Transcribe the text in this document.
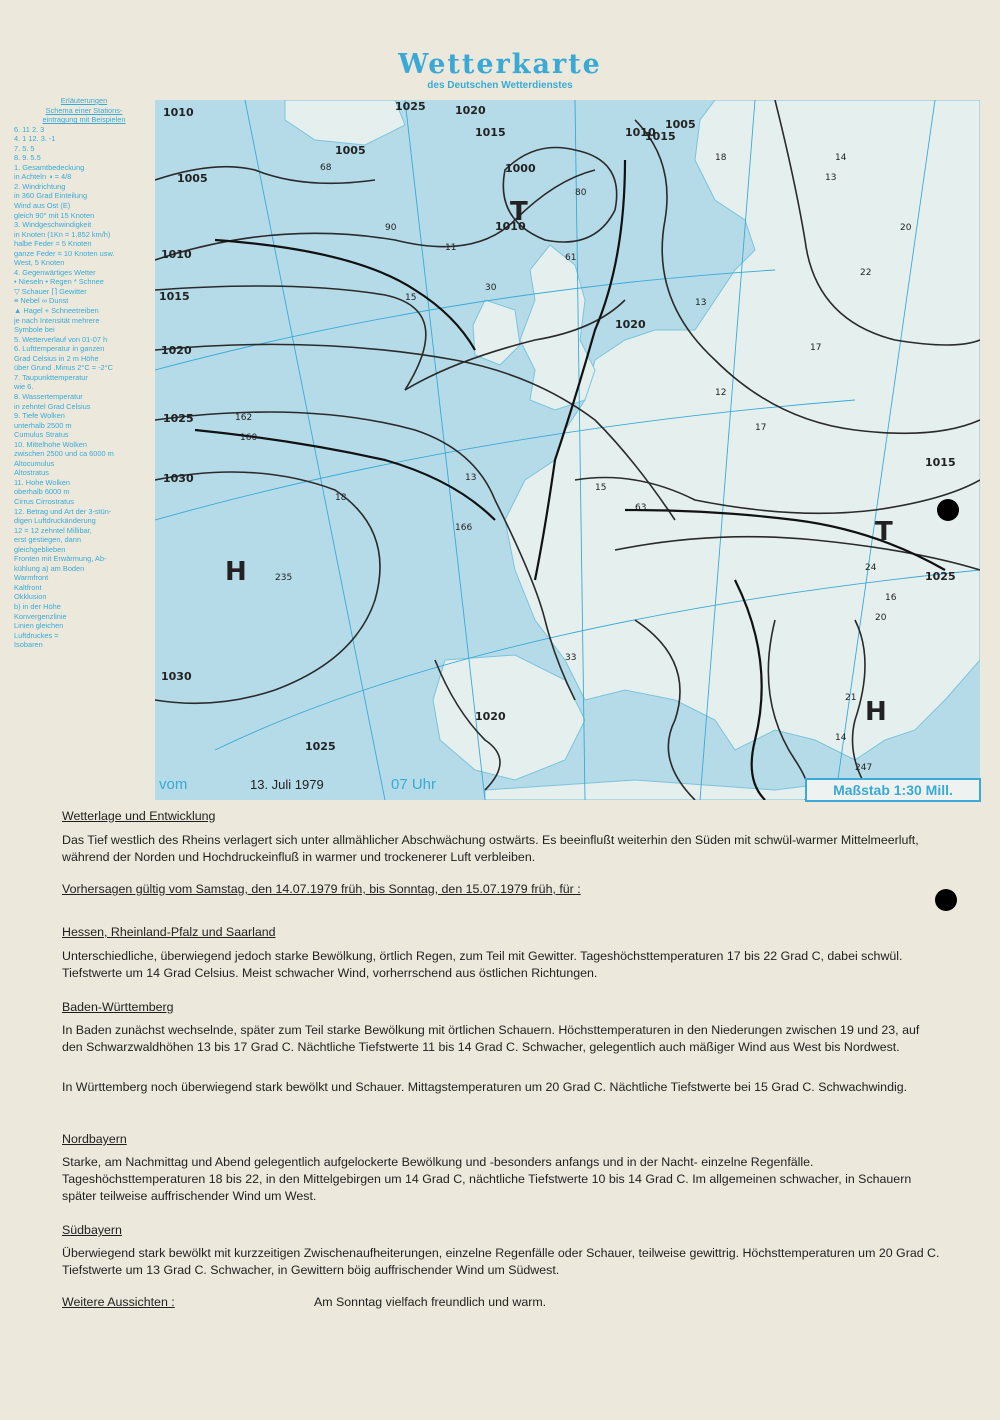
Wetterkarte
des Deutschen Wetterdienstes
Erläuterungen
Schema einer Stations-
eintragung mit Beispielen
6. 11 2. 3
4. 1 12. 3. -1
7. 5. 5
8. 9. 5.5
1. Gesamtbedeckung
in Achteln ◑ = 4/8
2. Windrichtung
in 360 Grad Einteilung
Wind aus Ost (E)
gleich 90° mit 15 Knoten
3. Windgeschwindigkeit
in Knoten (1Kn = 1.852 km/h)
halbe Feder = 5 Knoten
ganze Feder = 10 Knoten usw.
West, 5 Knoten
4. Gegenwärtiges Wetter
• Nieseln • Regen * Schnee
▽ Schauer ⌈⌉ Gewitter
≡ Nebel ∞ Dunst
▲ Hagel + Schneetreiben
je nach Intensität mehrere
Symbole bei
5. Wetterverlauf von 01-07 h
6. Lufttemperatur in ganzen
Grad Celsius in 2 m Höhe
über Grund .Minus 2°C = -2°C
7. Taupunkttemperatur
wie 6.
8. Wassertemperatur
in zehntel Grad Celsius
9. Tiefe Wolken
unterhalb 2500 m
Cumulus Stratus
10. Mittelhohe Wolken
zwischen 2500 und ca 6000 m
Altocumulus
Altostratus
11. Hohe Wolken
oberhalb 6000 m
Cirrus Cirrostratus
12. Betrag und Art der 3-stün-
digen Luftdruckänderung
12 = 12 zehntel Millibar,
erst gestiegen, dann
gleichgeblieben
Fronten mit Erwärmung, Ab-
kühlung a) am Boden
Warmfront
Kaltfront
Okklusion
b) in der Höhe
Konvergenzlinie
Linien gleichen
Luftdruckes =
Isobaren
1010
1005
1010
1015
1020
1025
1030
1030
1025	1020
1015
1010
1005
1000
1005
1010
1015
1020
1015
1025
1020
1025
T
T
H
H
68
90
80
61
11
30
15	13
12
17
13
14
22
18
63
235
160
162
166
18
13
15
20
16
21
14
24
247
33
17
20
vom	13. Juli 1979	07 Uhr	Maßstab 1:30 Mill.
Wetterlage und Entwicklung
Das Tief westlich des Rheins verlagert sich unter allmählicher Abschwächung ostwärts. Es beeinflußt weiterhin den Süden mit schwül-warmer Mittelmeerluft, während der Norden und Hochdruckeinfluß in warmer und trockenerer Luft verbleiben.
Vorhersagen gültig vom Samstag, den 14.07.1979 früh, bis Sonntag, den 15.07.1979 früh, für :
Hessen, Rheinland-Pfalz und Saarland
Unterschiedliche, überwiegend jedoch starke Bewölkung, örtlich Regen, zum Teil mit Gewitter. Tageshöchsttemperaturen 17 bis 22 Grad C, dabei schwül. Tiefstwerte um 14 Grad Celsius. Meist schwacher Wind, vorherrschend aus östlichen Richtungen.
Baden-Württemberg
In Baden zunächst wechselnde, später zum Teil starke Bewölkung mit örtlichen Schauern. Höchsttemperaturen in den Niederungen zwischen 19 und 23, auf den Schwarzwaldhöhen 13 bis 17 Grad C. Nächtliche Tiefstwerte 11 bis 14 Grad C. Schwacher, gelegentlich auch mäßiger Wind aus West bis Nordwest.
In Württemberg noch überwiegend stark bewölkt und Schauer. Mittagstemperaturen um 20 Grad C. Nächtliche Tiefstwerte bei 15 Grad C. Schwachwindig.
Nordbayern
Starke, am Nachmittag und Abend gelegentlich aufgelockerte Bewölkung und -besonders anfangs und in der Nacht- einzelne Regenfälle. Tageshöchsttemperaturen 18 bis 22, in den Mittelgebirgen um 14 Grad C, nächtliche Tiefstwerte 10 bis 14 Grad C. Im allgemeinen schwacher, in Schauern später teilweise auffrischender Wind um West.
Südbayern
Überwiegend stark bewölkt mit kurzzeitigen Zwischenaufheiterungen, einzelne Regenfälle oder Schauer, teilweise gewittrig. Höchsttemperaturen um 20 Grad C. Tiefstwerte um 13 Grad C. Schwacher, in Gewittern böig auffrischender Wind um Südwest.
Weitere Aussichten :	Am Sonntag vielfach freundlich und warm.
